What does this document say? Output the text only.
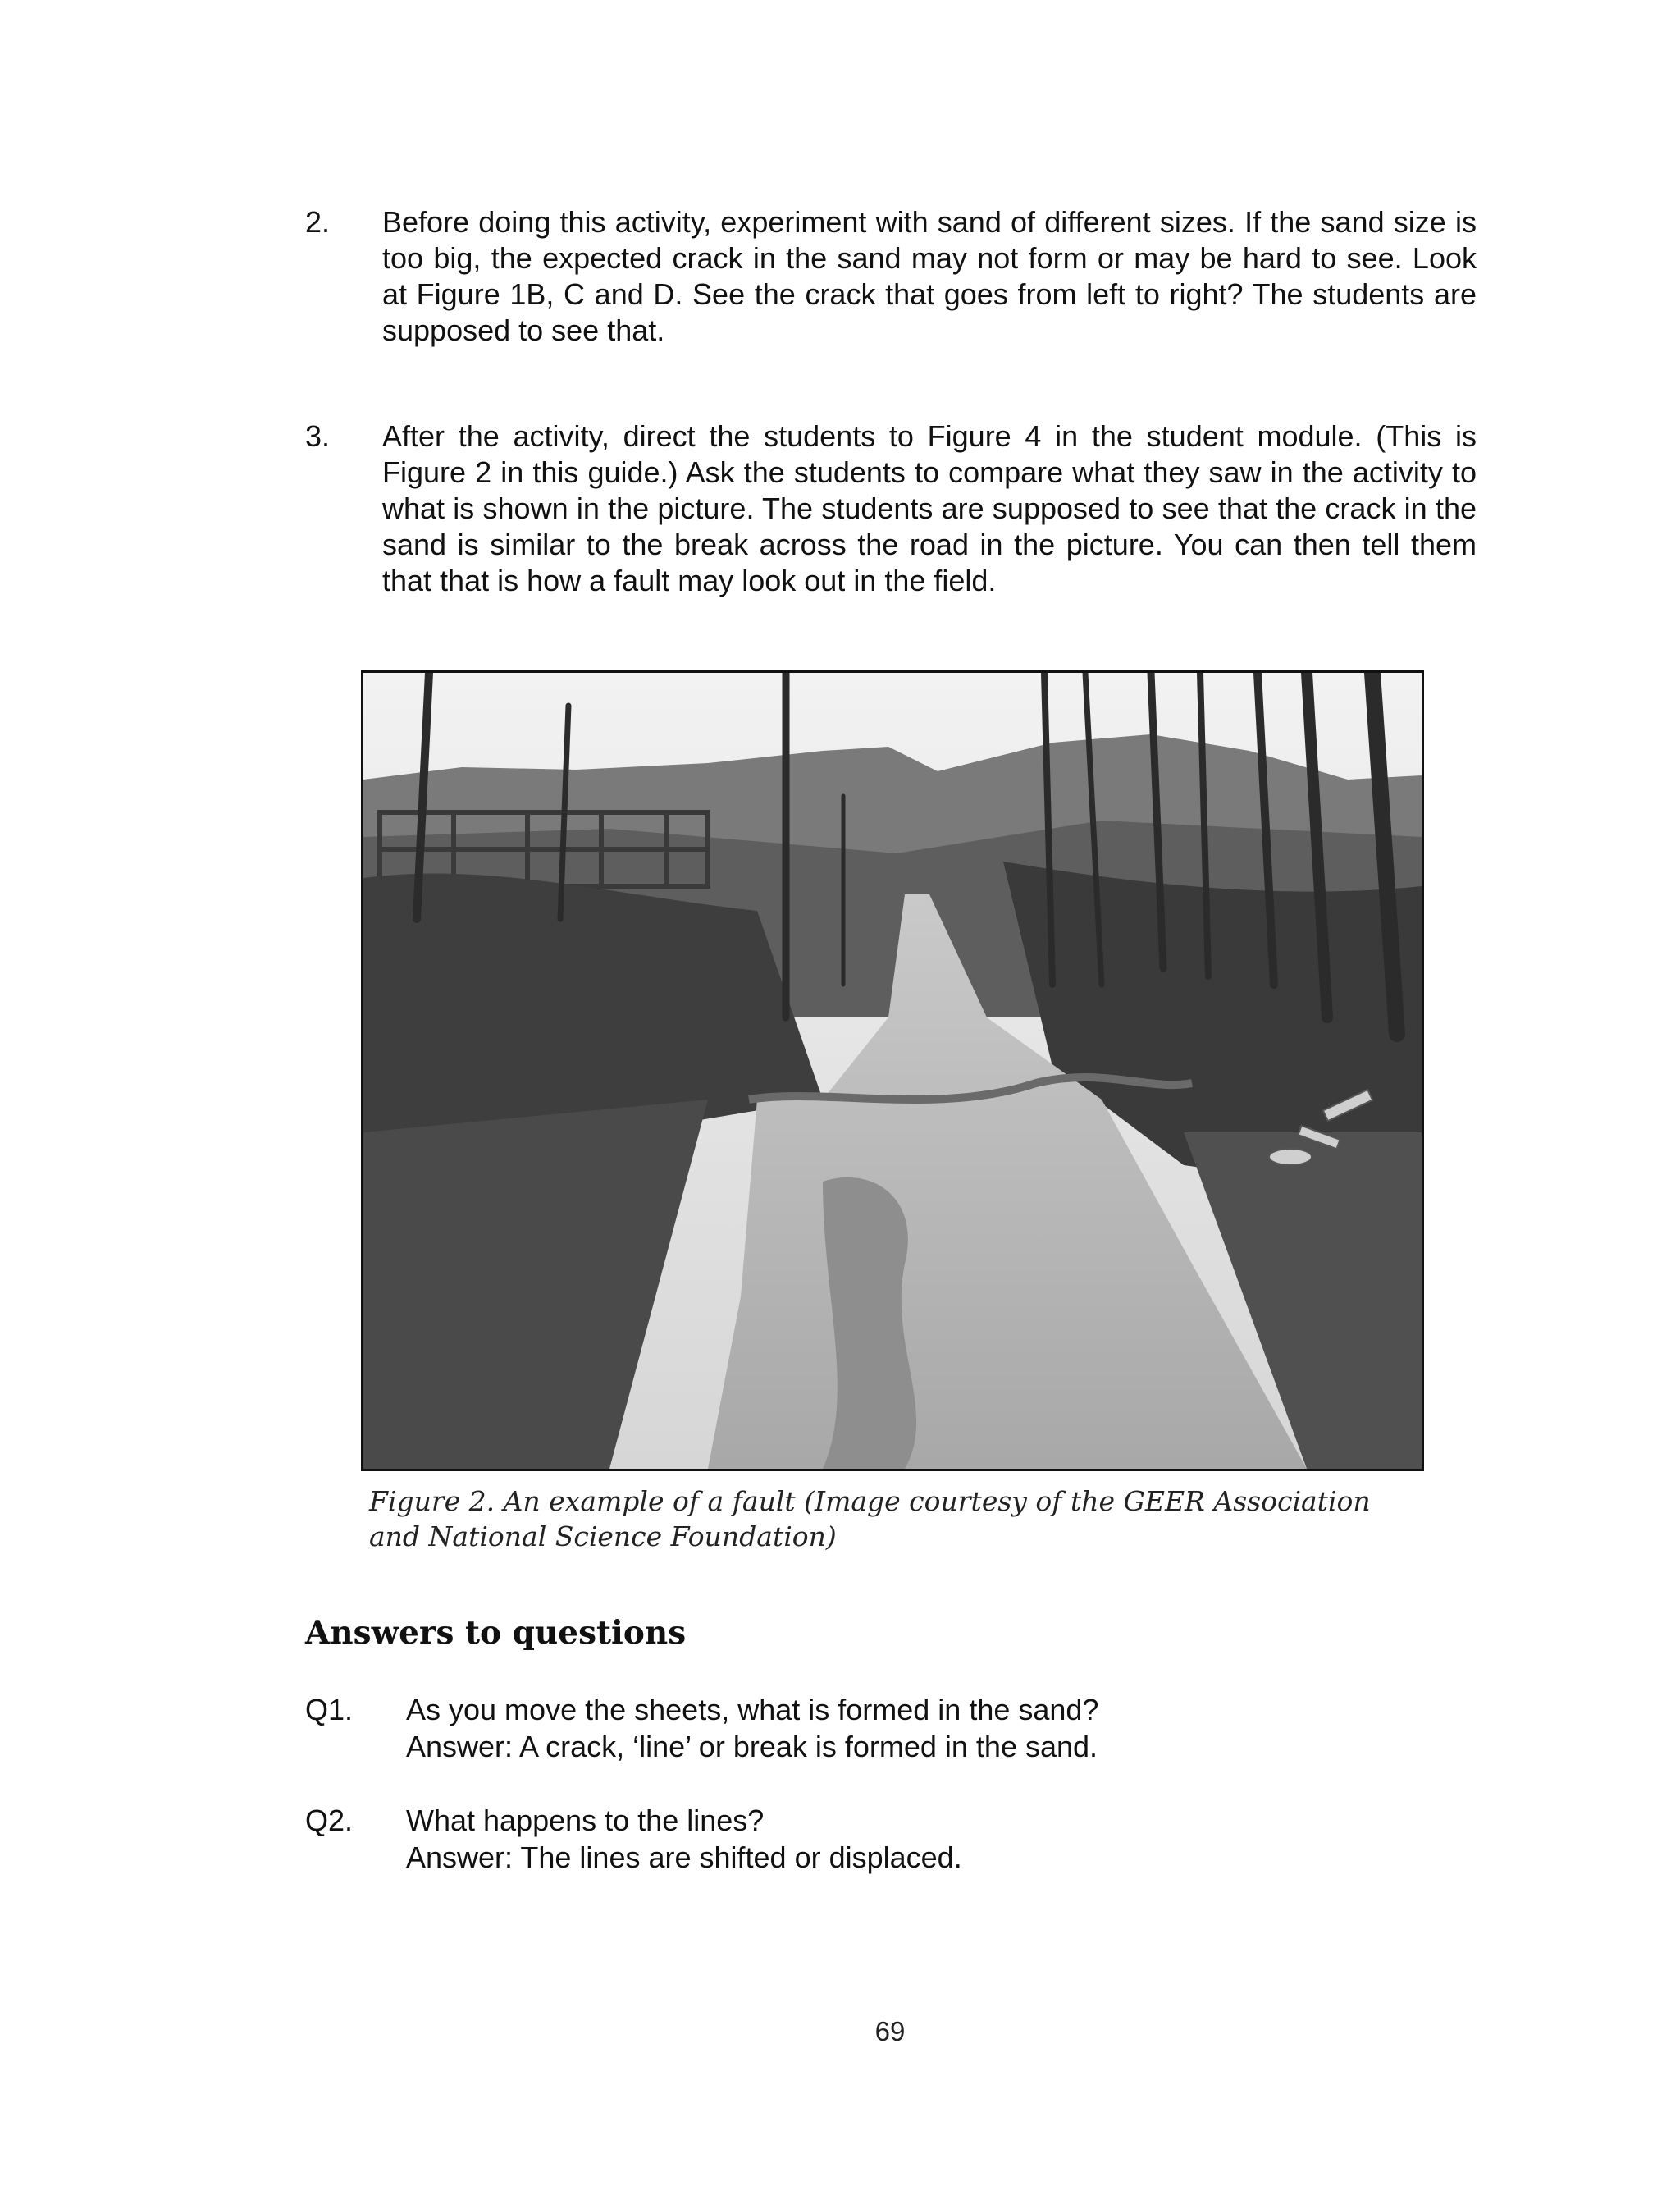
2.	Before doing this activity, experiment with sand of different sizes. If the sand size is too big, the expected crack in the sand may not form or may be hard to see. Look at Figure 1B, C and D. See the crack that goes from left to right? The students are supposed to see that.
3.	After the activity, direct the students to Figure 4 in the student module. (This is Figure 2 in this guide.) Ask the students to compare what they saw in the activity to what is shown in the picture. The students are supposed to see that the crack in the sand is similar to the break across the road in the picture. You can then tell them that that is how a fault may look out in the field.
Figure 2. An example of a fault (Image courtesy of the GEER Association
and National Science Foundation)
Answers to questions
Q1.	As you move the sheets, what is formed in the sand?
Answer: A crack, ‘line’ or break is formed in the sand.
Q2.	What happens to the lines?
Answer: The lines are shifted or displaced.
69
